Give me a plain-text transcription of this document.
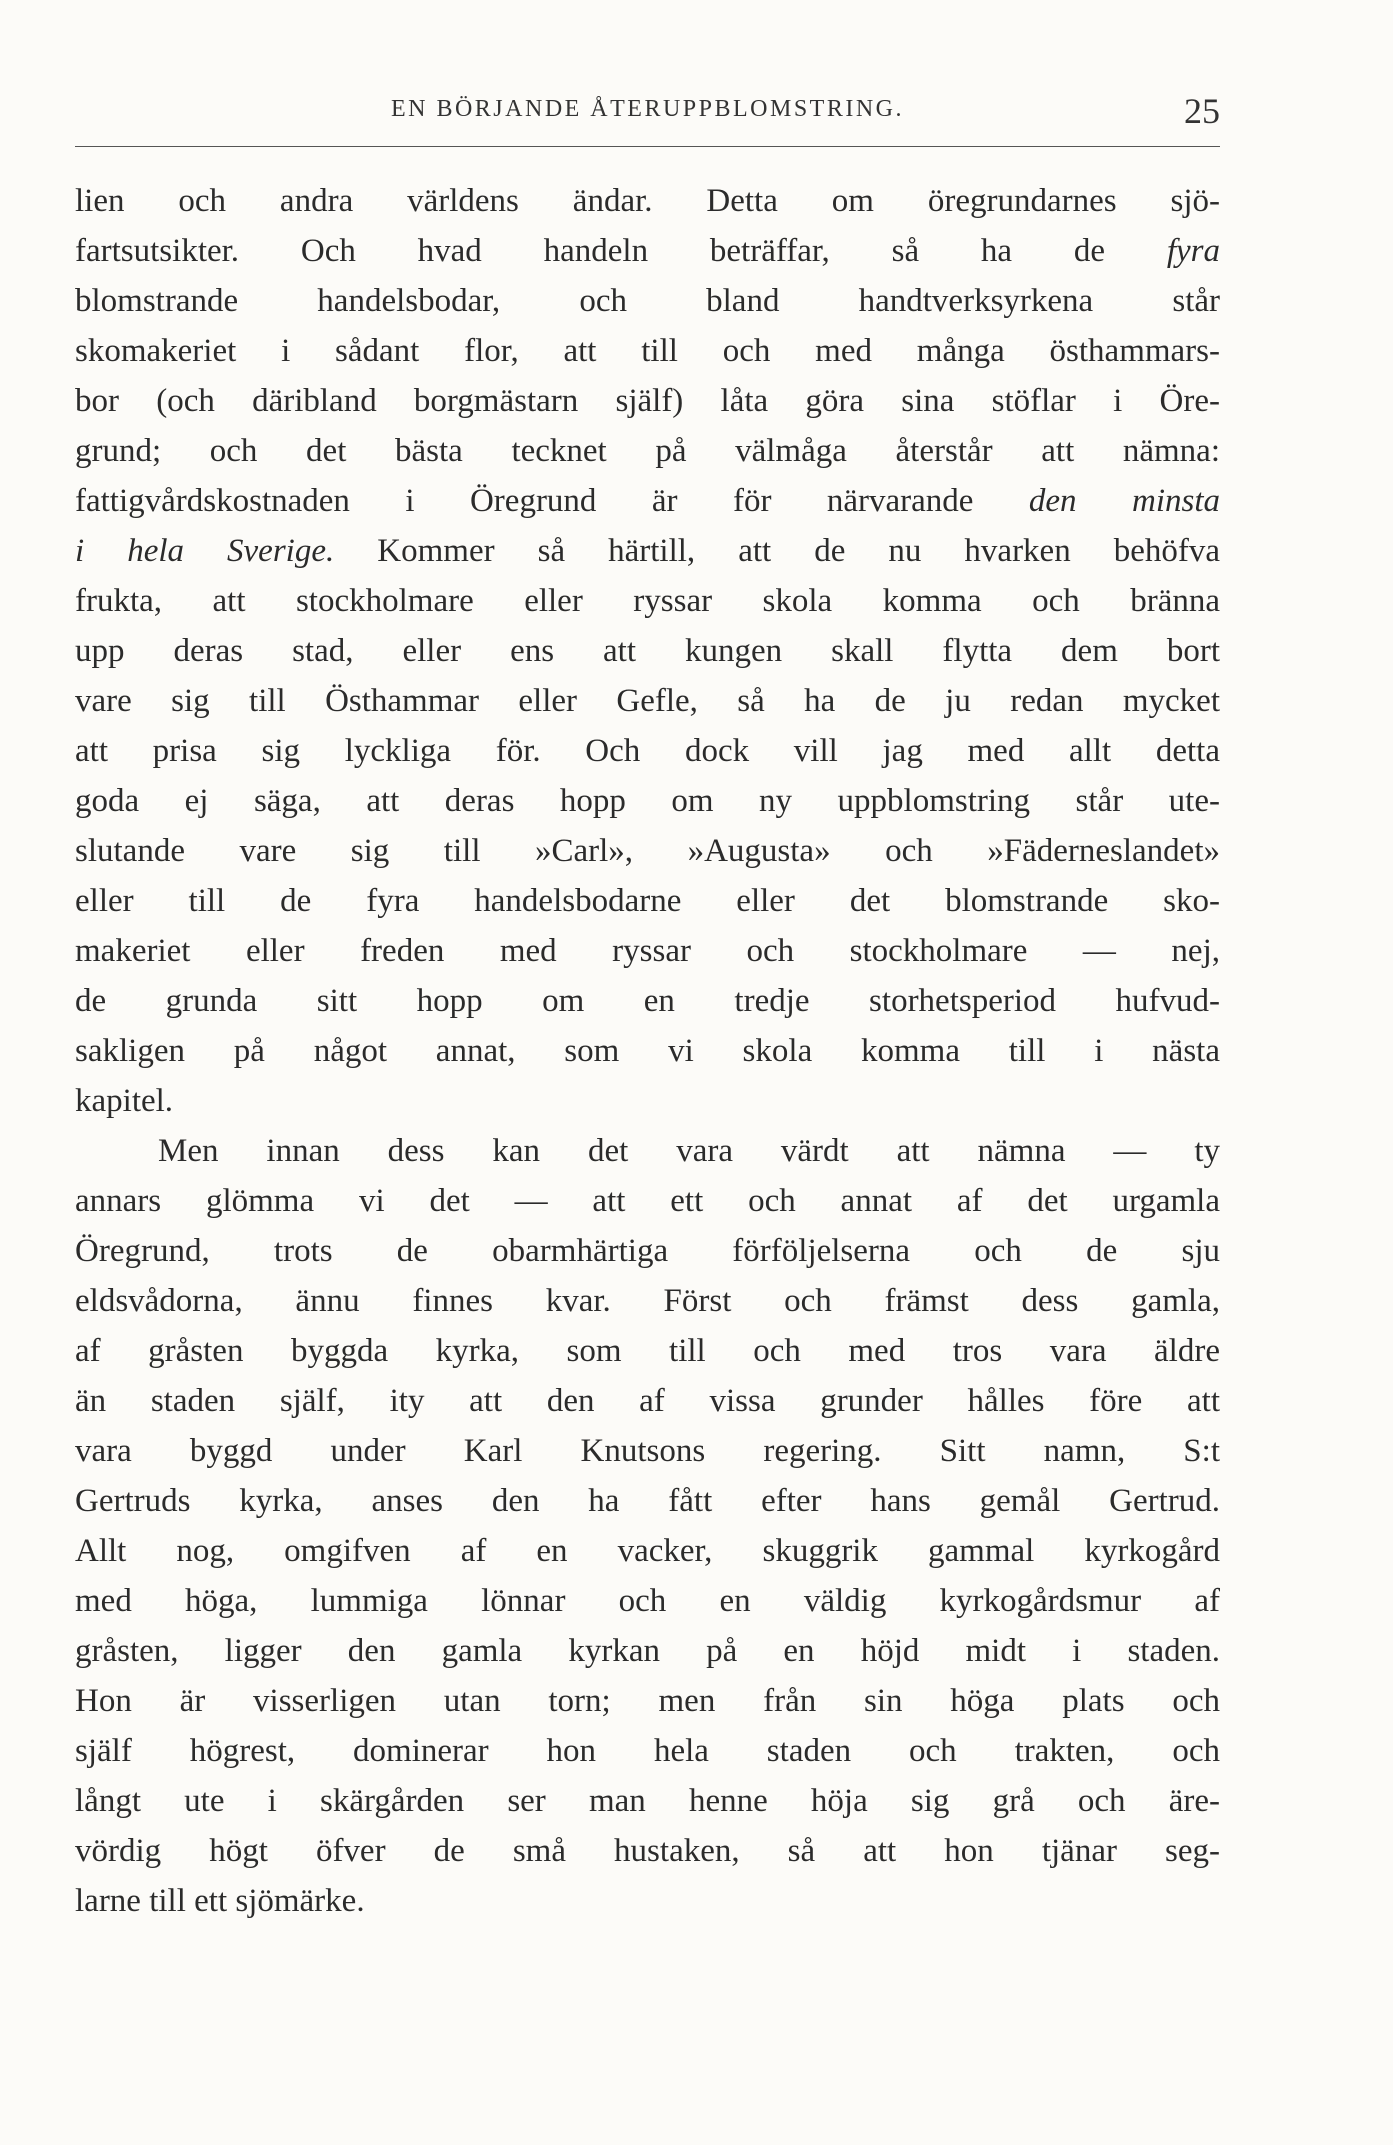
EN BÖRJANDE ÅTERUPPBLOMSTRING.	25
lien och andra världens ändar. Detta om öregrundarnes sjö-
fartsutsikter. Och hvad handeln beträffar, så ha de fyra
blomstrande handelsbodar, och bland handtverksyrkena står
skomakeriet i sådant flor, att till och med många östhammars-
bor (och däribland borgmästarn själf) låta göra sina stöflar i Öre-
grund; och det bästa tecknet på välmåga återstår att nämna:
fattigvårdskostnaden i Öregrund är för närvarande den minsta
i hela Sverige. Kommer så härtill, att de nu hvarken behöfva
frukta, att stockholmare eller ryssar skola komma och bränna
upp deras stad, eller ens att kungen skall flytta dem bort
vare sig till Östhammar eller Gefle, så ha de ju redan mycket
att prisa sig lyckliga för. Och dock vill jag med allt detta
goda ej säga, att deras hopp om ny uppblomstring står ute-
slutande vare sig till »Carl», »Augusta» och »Fäderneslandet»
eller till de fyra handelsbodarne eller det blomstrande sko-
makeriet eller freden med ryssar och stockholmare — nej,
de grunda sitt hopp om en tredje storhetsperiod hufvud-
sakligen på något annat, som vi skola komma till i nästa
kapitel.
Men innan dess kan det vara värdt att nämna — ty
annars glömma vi det — att ett och annat af det urgamla
Öregrund, trots de obarmhärtiga förföljelserna och de sju
eldsvådorna, ännu finnes kvar. Först och främst dess gamla,
af gråsten byggda kyrka, som till och med tros vara äldre
än staden själf, ity att den af vissa grunder hålles före att
vara byggd under Karl Knutsons regering. Sitt namn, S:t
Gertruds kyrka, anses den ha fått efter hans gemål Gertrud.
Allt nog, omgifven af en vacker, skuggrik gammal kyrkogård
med höga, lummiga lönnar och en väldig kyrkogårdsmur af
gråsten, ligger den gamla kyrkan på en höjd midt i staden.
Hon är visserligen utan torn; men från sin höga plats och
själf högrest, dominerar hon hela staden och trakten, och
långt ute i skärgården ser man henne höja sig grå och äre-
vördig högt öfver de små hustaken, så att hon tjänar seg-
larne till ett sjömärke.
